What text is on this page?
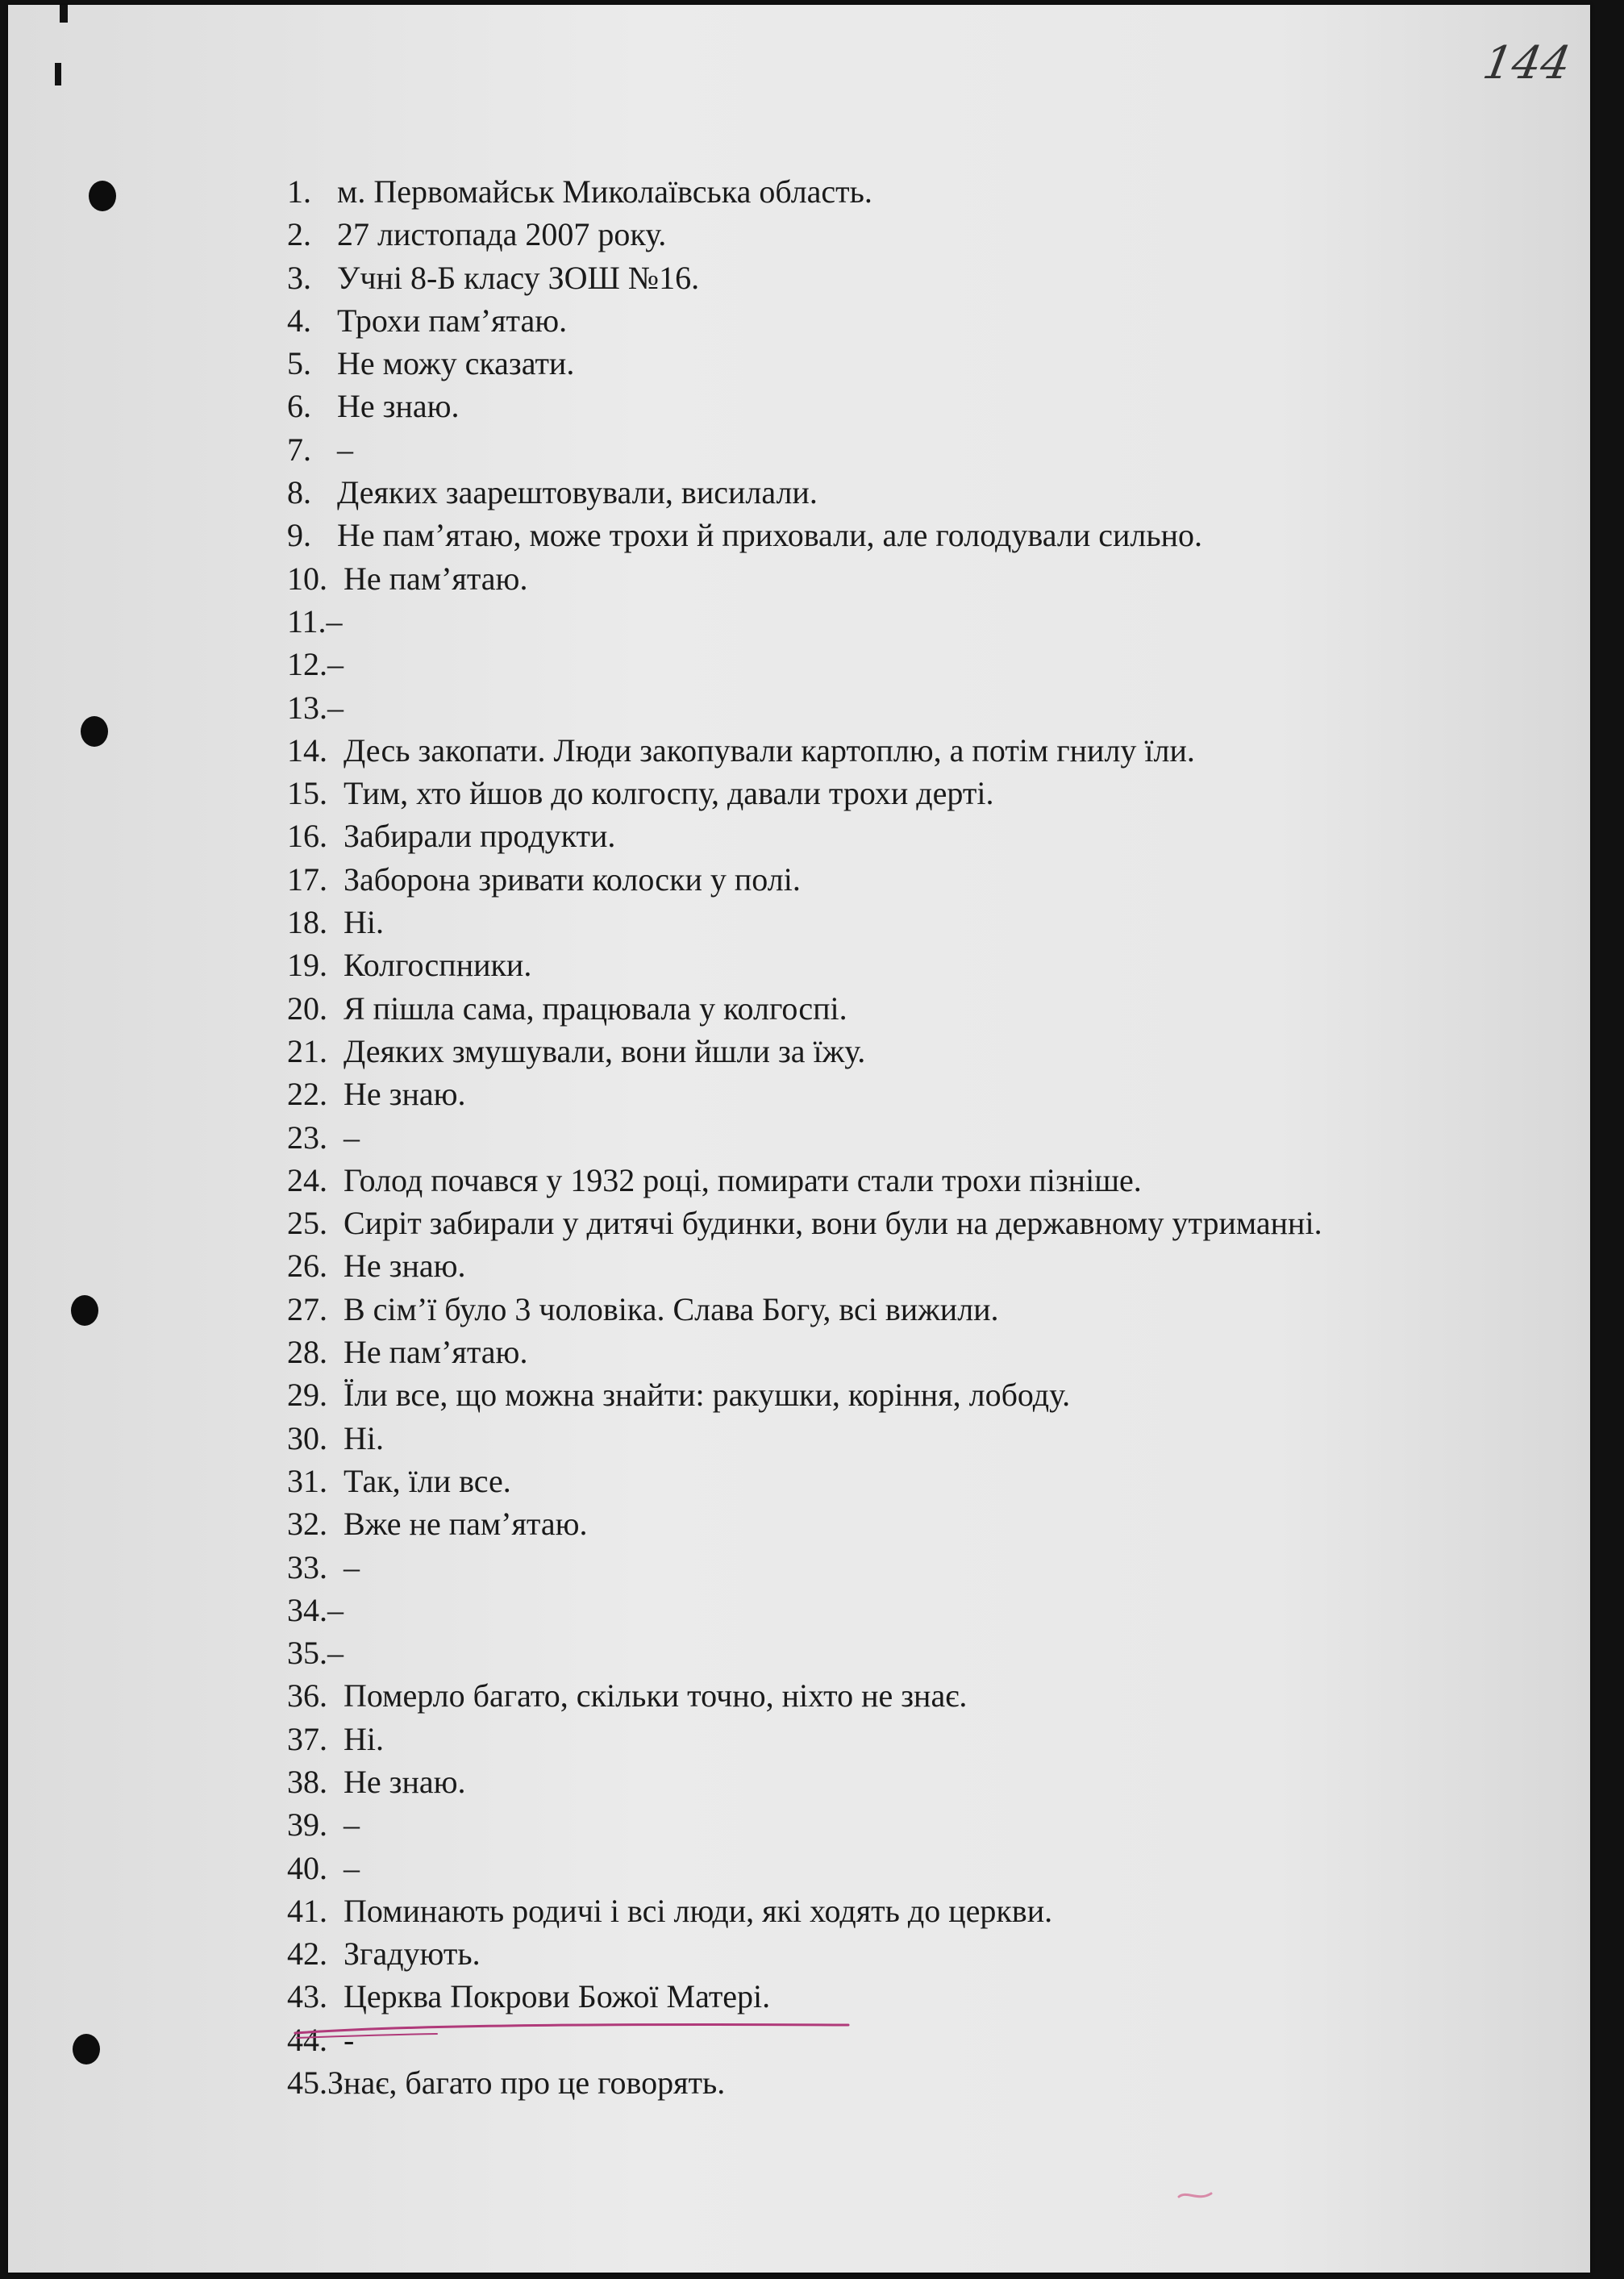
144
1. м. Первомайськ Миколаївська область.
2. 27 листопада 2007 року.
3. Учні 8-Б класу ЗОШ №16.
4. Трохи пам’ятаю.
5. Не можу сказати.
6. Не знаю.
7. –
8. Деяких заарештовували, висилали.
9. Не пам’ятаю, може трохи й приховали, але голодували сильно.
10. Не пам’ятаю.
11. –
12. –
13. –
14. Десь закопати. Люди закопували картоплю, а потім гнилу їли.
15. Тим, хто йшов до колгоспу, давали трохи дерті.
16. Забирали продукти.
17. Заборона зривати колоски у полі.
18. Ні.
19. Колгоспники.
20. Я пішла сама, працювала у колгоспі.
21. Деяких змушували, вони йшли за їжу.
22. Не знаю.
23. –
24. Голод почався у 1932 році, помирати стали трохи пізніше.
25. Сиріт забирали у дитячі будинки, вони були на державному утриманні.
26. Не знаю.
27. В сім’ї було 3 чоловіка. Слава Богу, всі вижили.
28. Не пам’ятаю.
29. Їли все, що можна знайти: ракушки, коріння, лободу.
30. Ні.
31. Так, їли все.
32. Вже не пам’ятаю.
33. –
34. –
35. –
36. Померло багато, скільки точно, ніхто не знає.
37. Ні.
38. Не знаю.
39. –
40. –
41. Поминають родичі і всі люди, які ходять до церкви.
42. Згадують.
43. Церква Покрови Божої Матері.
44. -
45. Знає, багато про це говорять.
